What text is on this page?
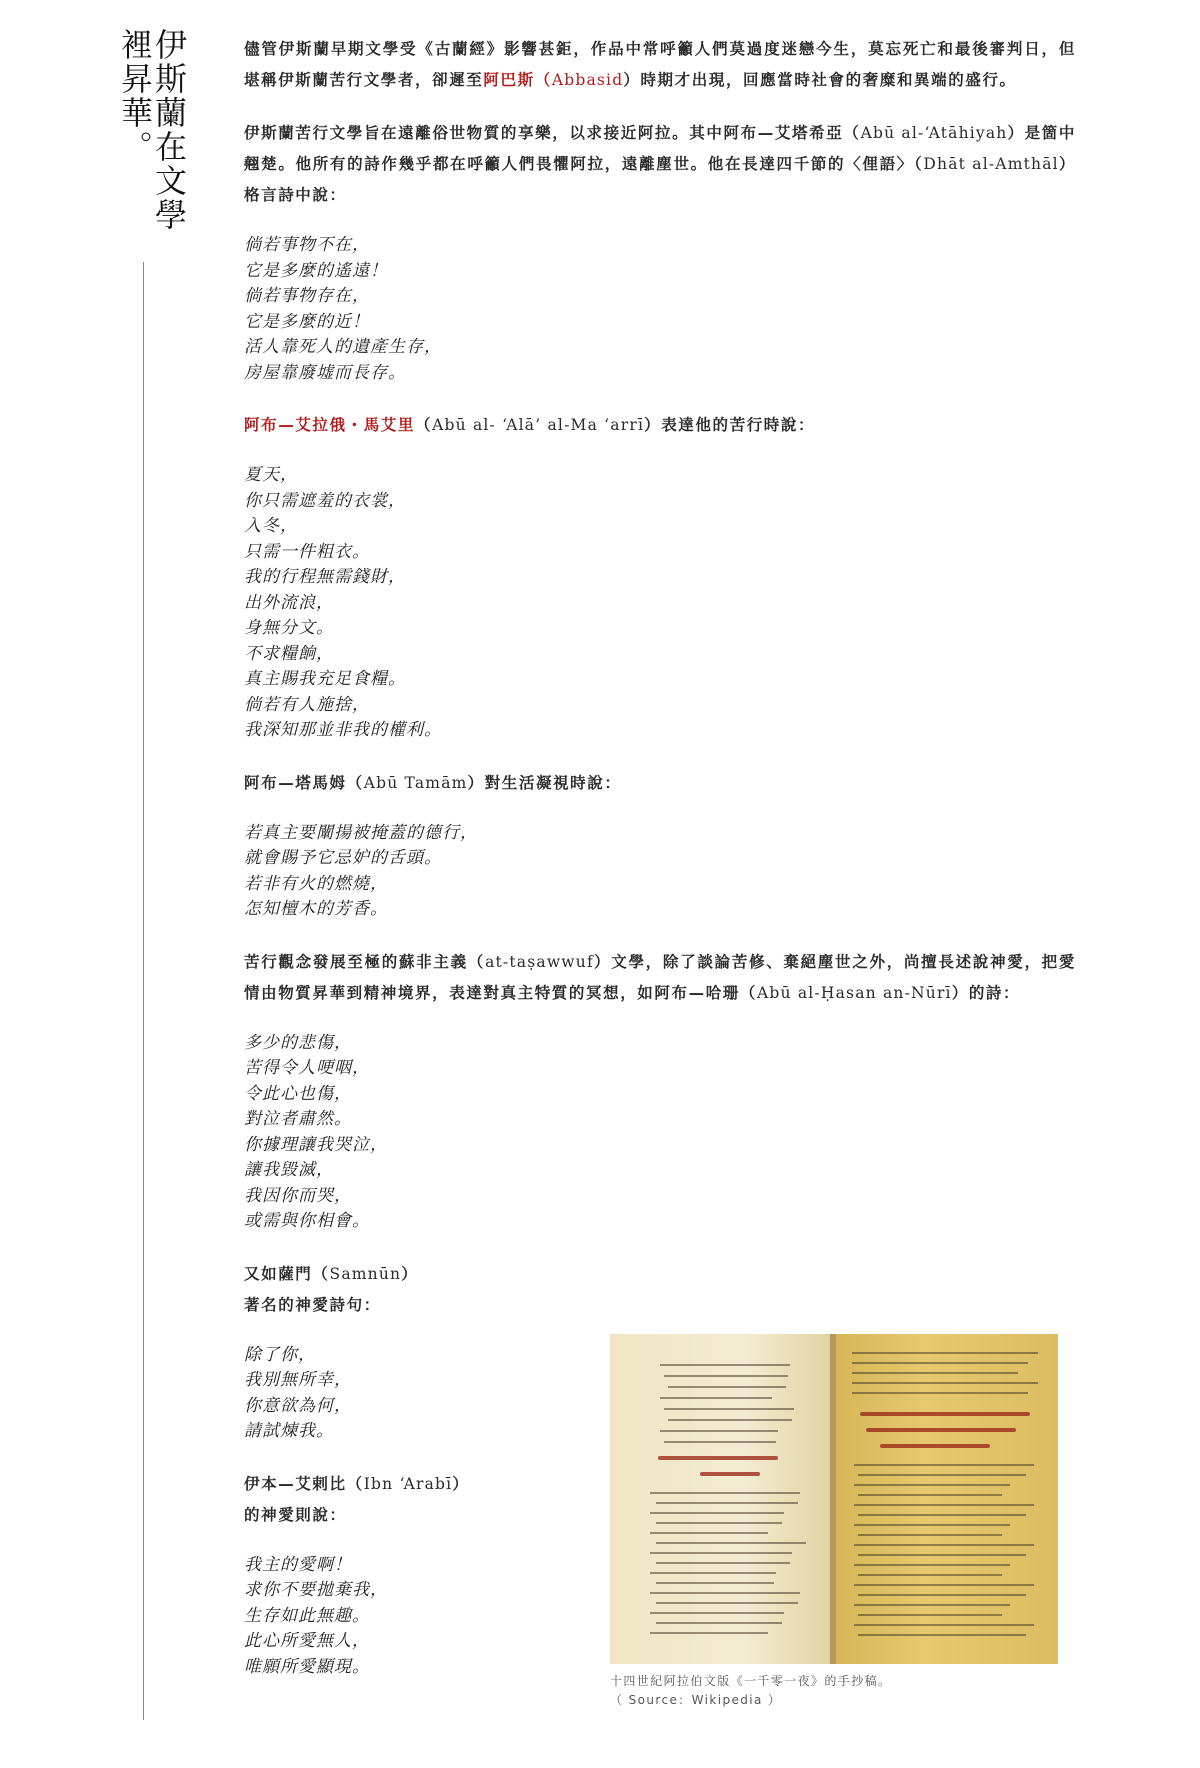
伊斯蘭在文學裡昇華。	儘管伊斯蘭早期文學受《古蘭經》影響甚鉅，作品中常呼籲人們莫過度迷戀今生，莫忘死亡和最後審判日，但堪稱伊斯蘭苦行文學者，卻遲至阿巴斯（Abbasid）時期才出現，回應當時社會的奢糜和異端的盛行。

伊斯蘭苦行文學旨在遠離俗世物質的享樂，以求接近阿拉。其中阿布—艾塔希亞（Abū al-‘Atāhiyah）是箇中翹楚。他所有的詩作幾乎都在呼籲人們畏懼阿拉，遠離塵世。他在長達四千節的〈俚語〉（Dhāt al-Amthāl）格言詩中說：

倘若事物不在，
它是多麼的遙遠！
倘若事物存在，
它是多麼的近！
活人靠死人的遺產生存，
房屋靠廢墟而長存。

阿布—艾拉俄・馬艾里（Abū al- ‘Alā’ al-Ma ‘arrī）表達他的苦行時說：

夏天，
你只需遮羞的衣裳，
入冬，
只需一件粗衣。
我的行程無需錢財，
出外流浪，
身無分文。
不求糧餉，
真主賜我充足食糧。
倘若有人施捨，
我深知那並非我的權利。

阿布—塔馬姆（Abū Tamām）對生活凝視時說：

若真主要闡揚被掩蓋的德行，
就會賜予它忌妒的舌頭。
若非有火的燃燒，
怎知檀木的芳香。

苦行觀念發展至極的蘇非主義（at-taṣawwuf）文學，除了談論苦修、棄絕塵世之外，尚擅長述說神愛，把愛情由物質昇華到精神境界，表達對真主特質的冥想，如阿布—哈珊（Abū al-Ḥasan an-Nūrī）的詩：

多少的悲傷，
苦得令人哽咽，
令此心也傷，
對泣者肅然。
你據理讓我哭泣，
讓我毀滅，
我因你而哭，
或需與你相會。

又如薩門（Samnūn）
著名的神愛詩句：

除了你，
我別無所幸，
你意欲為何，
請試煉我。

伊本—艾剌比（Ibn ‘Arabī）
的神愛則說：

我主的愛啊！
求你不要拋棄我，
生存如此無趣。
此心所愛無人，
唯願所愛顯現。
十四世紀阿拉伯文版《一千零一夜》的手抄稿。
（ Source：Wikipedia ）
